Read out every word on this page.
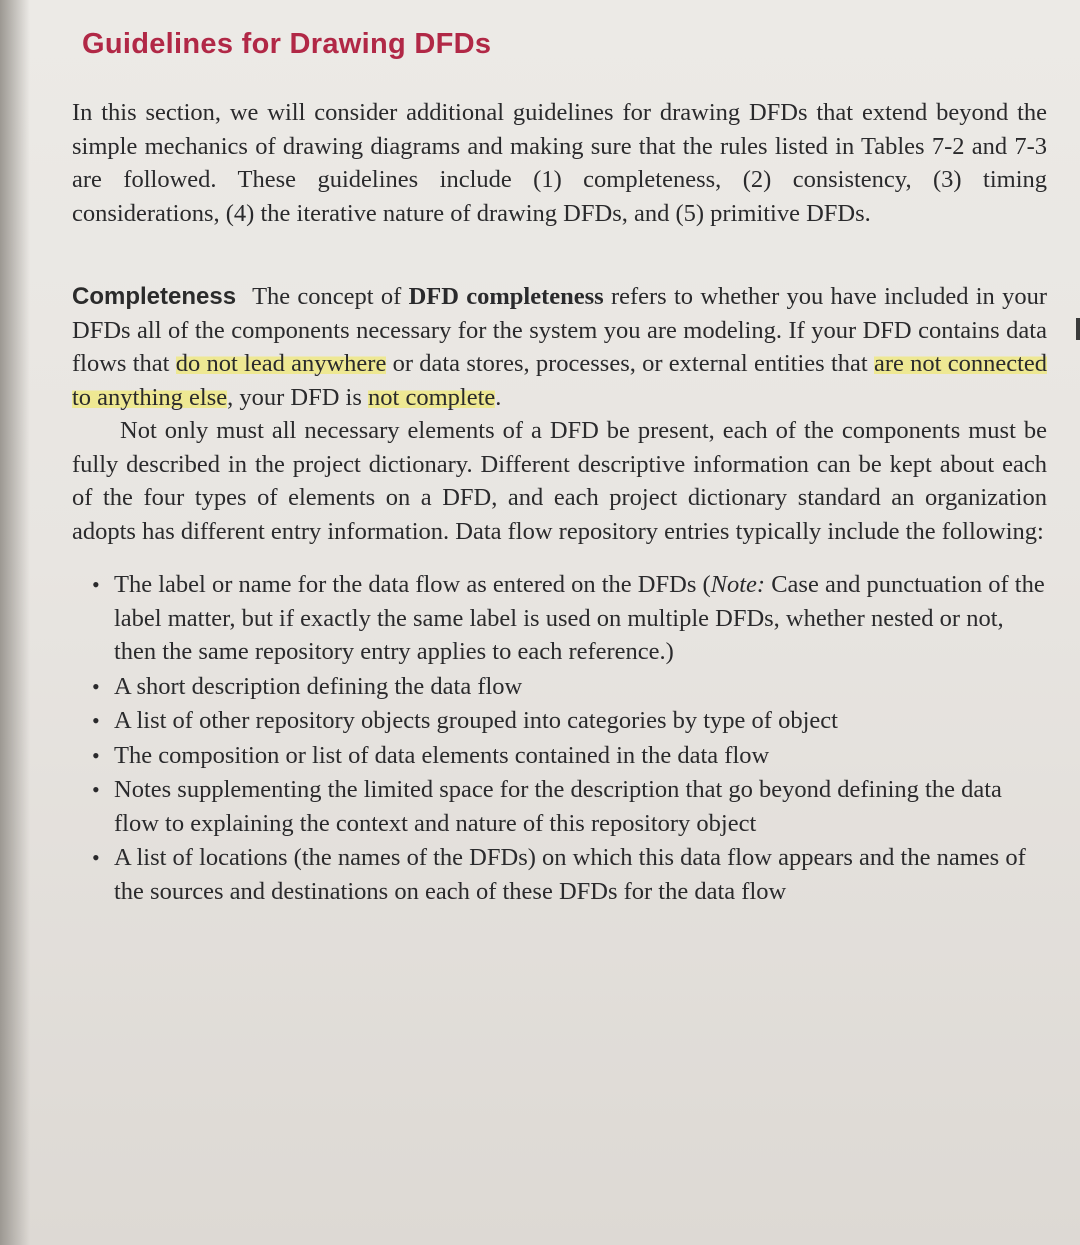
Guidelines for Drawing DFDs

In this section, we will consider additional guidelines for drawing DFDs that extend beyond the simple mechanics of drawing diagrams and making sure that the rules listed in Tables 7-2 and 7-3 are followed. These guidelines include (1) completeness, (2) consistency, (3) timing considerations, (4) the iterative nature of drawing DFDs, and (5) primitive DFDs.

Completeness The concept of DFD completeness refers to whether you have included in your DFDs all of the components necessary for the system you are modeling. If your DFD contains data flows that do not lead anywhere or data stores, processes, or external entities that are not connected to anything else, your DFD is not complete.

Not only must all necessary elements of a DFD be present, each of the components must be fully described in the project dictionary. Different descriptive information can be kept about each of the four types of elements on a DFD, and each project dictionary standard an organization adopts has different entry information. Data flow repository entries typically include the following:

• The label or name for the data flow as entered on the DFDs (Note: Case and punctuation of the label matter, but if exactly the same label is used on multiple DFDs, whether nested or not, then the same repository entry applies to each reference.)
• A short description defining the data flow
• A list of other repository objects grouped into categories by type of object
• The composition or list of data elements contained in the data flow
• Notes supplementing the limited space for the description that go beyond defining the data flow to explaining the context and nature of this repository object
• A list of locations (the names of the DFDs) on which this data flow appears and the names of the sources and destinations on each of these DFDs for the data flow
